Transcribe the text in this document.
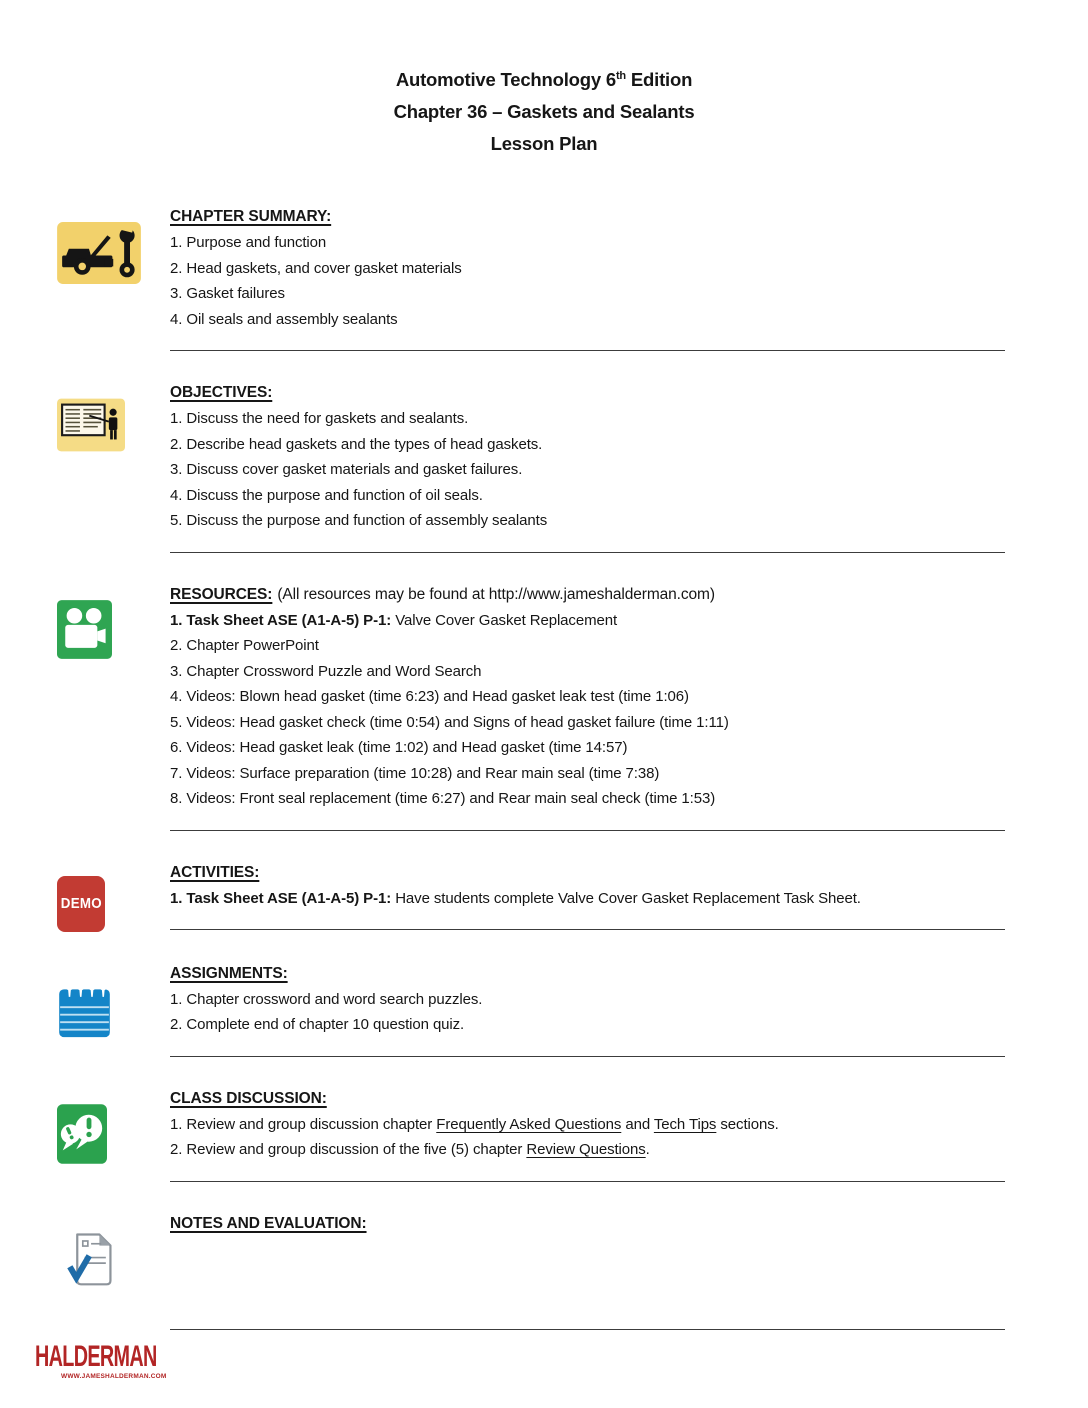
Automotive Technology 6th Edition
Chapter 36 – Gaskets and Sealants
Lesson Plan
CHAPTER SUMMARY:
1. Purpose and function
2. Head gaskets, and cover gasket materials
3. Gasket failures
4. Oil seals and assembly sealants
OBJECTIVES:
1. Discuss the need for gaskets and sealants.
2. Describe head gaskets and the types of head gaskets.
3. Discuss cover gasket materials and gasket failures.
4. Discuss the purpose and function of oil seals.
5. Discuss the purpose and function of assembly sealants
RESOURCES: (All resources may be found at http://www.jameshalderman.com)
1. Task Sheet ASE (A1-A-5) P-1: Valve Cover Gasket Replacement
2. Chapter PowerPoint
3. Chapter Crossword Puzzle and Word Search
4. Videos: Blown head gasket (time 6:23) and Head gasket leak test (time 1:06)
5. Videos: Head gasket check (time 0:54) and Signs of head gasket failure (time 1:11)
6. Videos: Head gasket leak (time 1:02) and Head gasket (time 14:57)
7. Videos: Surface preparation (time 10:28) and Rear main seal (time 7:38)
8. Videos: Front seal replacement (time 6:27) and Rear main seal check (time 1:53)
DEMO
ACTIVITIES:
1. Task Sheet ASE (A1-A-5) P-1: Have students complete Valve Cover Gasket Replacement Task Sheet.
ASSIGNMENTS:
1. Chapter crossword and word search puzzles.
2. Complete end of chapter 10 question quiz.
CLASS DISCUSSION:
1. Review and group discussion chapter Frequently Asked Questions and Tech Tips sections.
2. Review and group discussion of the five (5) chapter Review Questions.
NOTES AND EVALUATION:
HALDERMAN
WWW.JAMESHALDERMAN.COM
